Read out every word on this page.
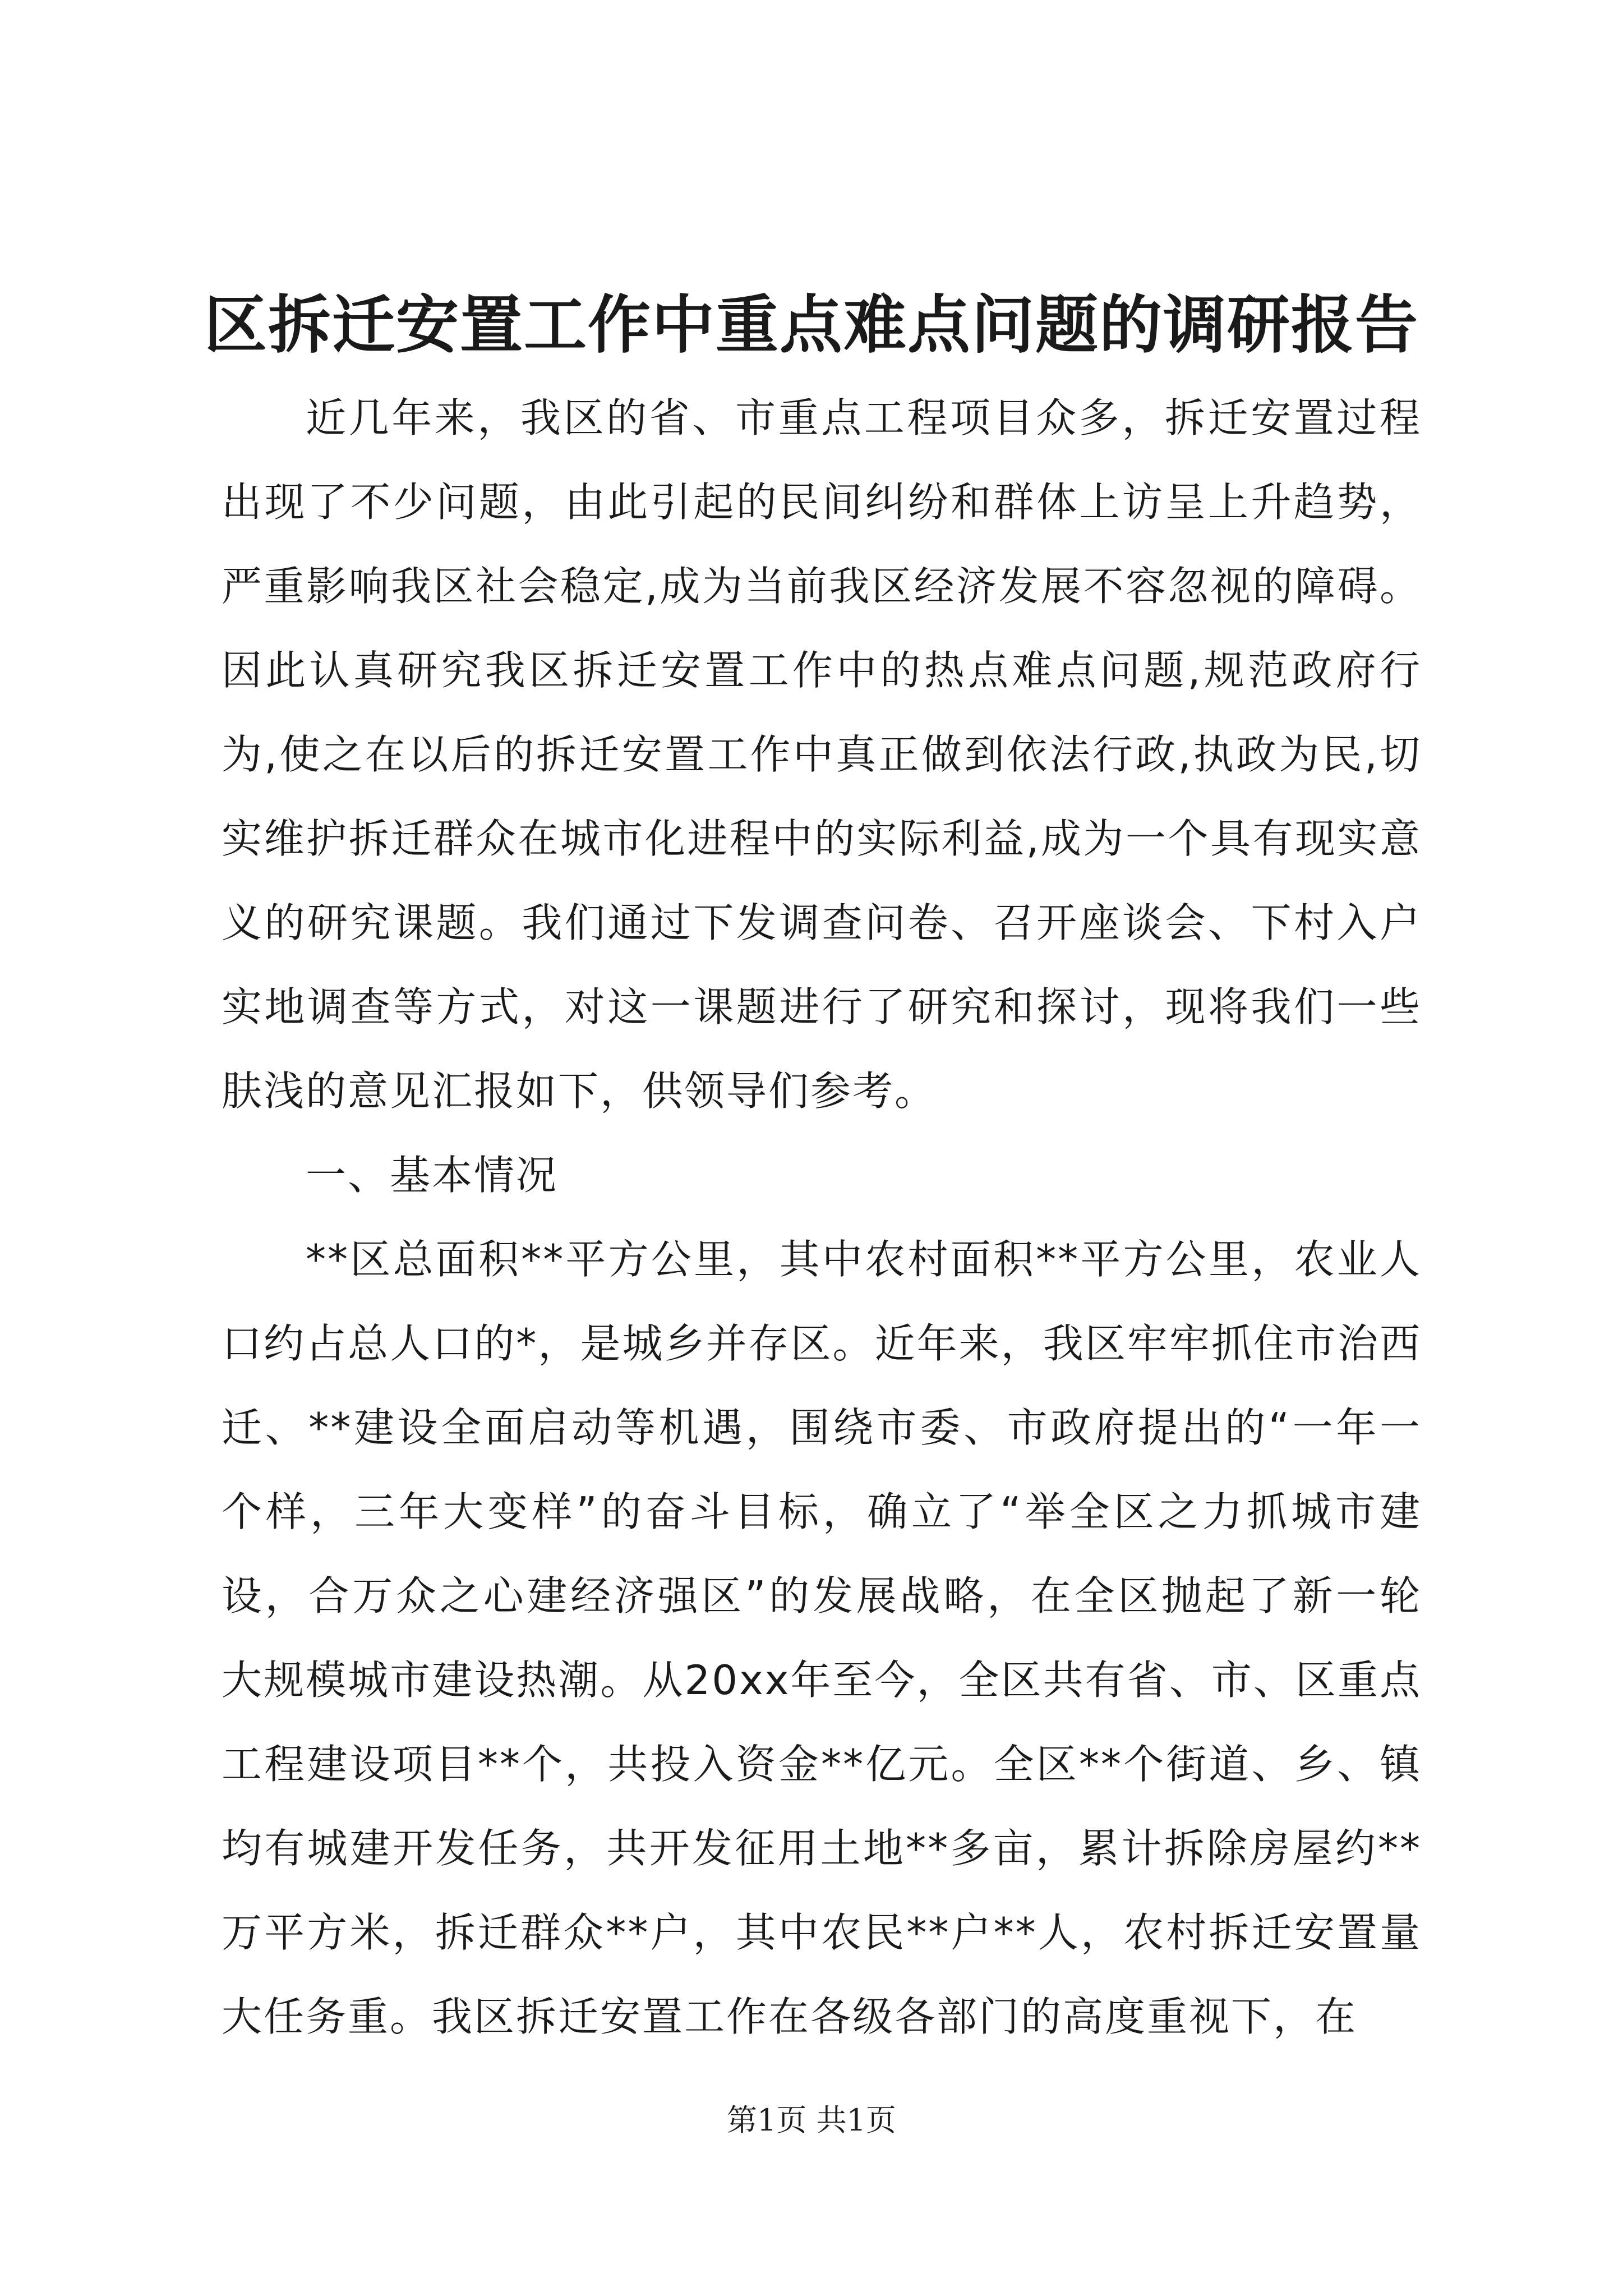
区拆迁安置工作中重点难点问题的调研报告

近几年来，我区的省、市重点工程项目众多，拆迁安置过程出现了不少问题，由此引起的民间纠纷和群体上访呈上升趋势，严重影响我区社会稳定,成为当前我区经济发展不容忽视的障碍。因此认真研究我区拆迁安置工作中的热点难点问题,规范政府行为,使之在以后的拆迁安置工作中真正做到依法行政,执政为民,切实维护拆迁群众在城市化进程中的实际利益,成为一个具有现实意义的研究课题。我们通过下发调查问卷、召开座谈会、下村入户实地调查等方式，对这一课题进行了研究和探讨，现将我们一些肤浅的意见汇报如下，供领导们参考。

一、基本情况

**区总面积**平方公里，其中农村面积**平方公里，农业人口约占总人口的*，是城乡并存区。近年来，我区牢牢抓住市治西迁、**建设全面启动等机遇，围绕市委、市政府提出的“一年一个样，三年大变样”的奋斗目标，确立了“举全区之力抓城市建设，合万众之心建经济强区”的发展战略，在全区抛起了新一轮大规模城市建设热潮。从20xx年至今，全区共有省、市、区重点工程建设项目**个，共投入资金**亿元。全区**个街道、乡、镇均有城建开发任务，共开发征用土地**多亩，累计拆除房屋约**万平方米，拆迁群众**户，其中农民**户**人，农村拆迁安置量大任务重。我区拆迁安置工作在各级各部门的高度重视下，在

第1页 共1页
